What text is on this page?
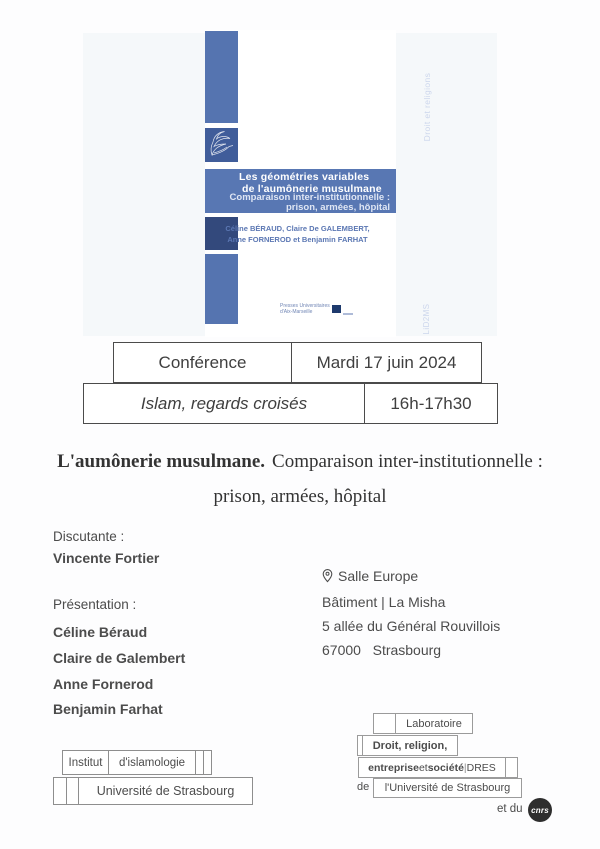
Les géométries variables
de l'aumônerie musulmane
Comparaison inter-institutionnelle :
prison, armées, hôpital
Droit et religions
LiD2MS
Céline BÉRAUD, Claire De GALEMBERT,
Anne FORNEROD et Benjamin FARHAT
Presses Universitaires
d'Aix-Marseille
Conférence	Mardi 17 juin 2024
Islam, regards croisés	16h-17h30
L'aumônerie musulmane. Comparaison inter-institutionnelle :
prison, armées, hôpital
Discutante :
Vincente Fortier
Présentation :
Céline Béraud
Claire de Galembert
Anne Fornerod
Benjamin Farhat
Salle Europe
Bâtiment | La Misha
5 allée du Général Rouvillois
67000   Strasbourg
Institut	d'islamologie
Université de Strasbourg
Laboratoire
Droit, religion,
entreprise et société | DRES
de	l'Université de Strasbourg
et du cnrs
